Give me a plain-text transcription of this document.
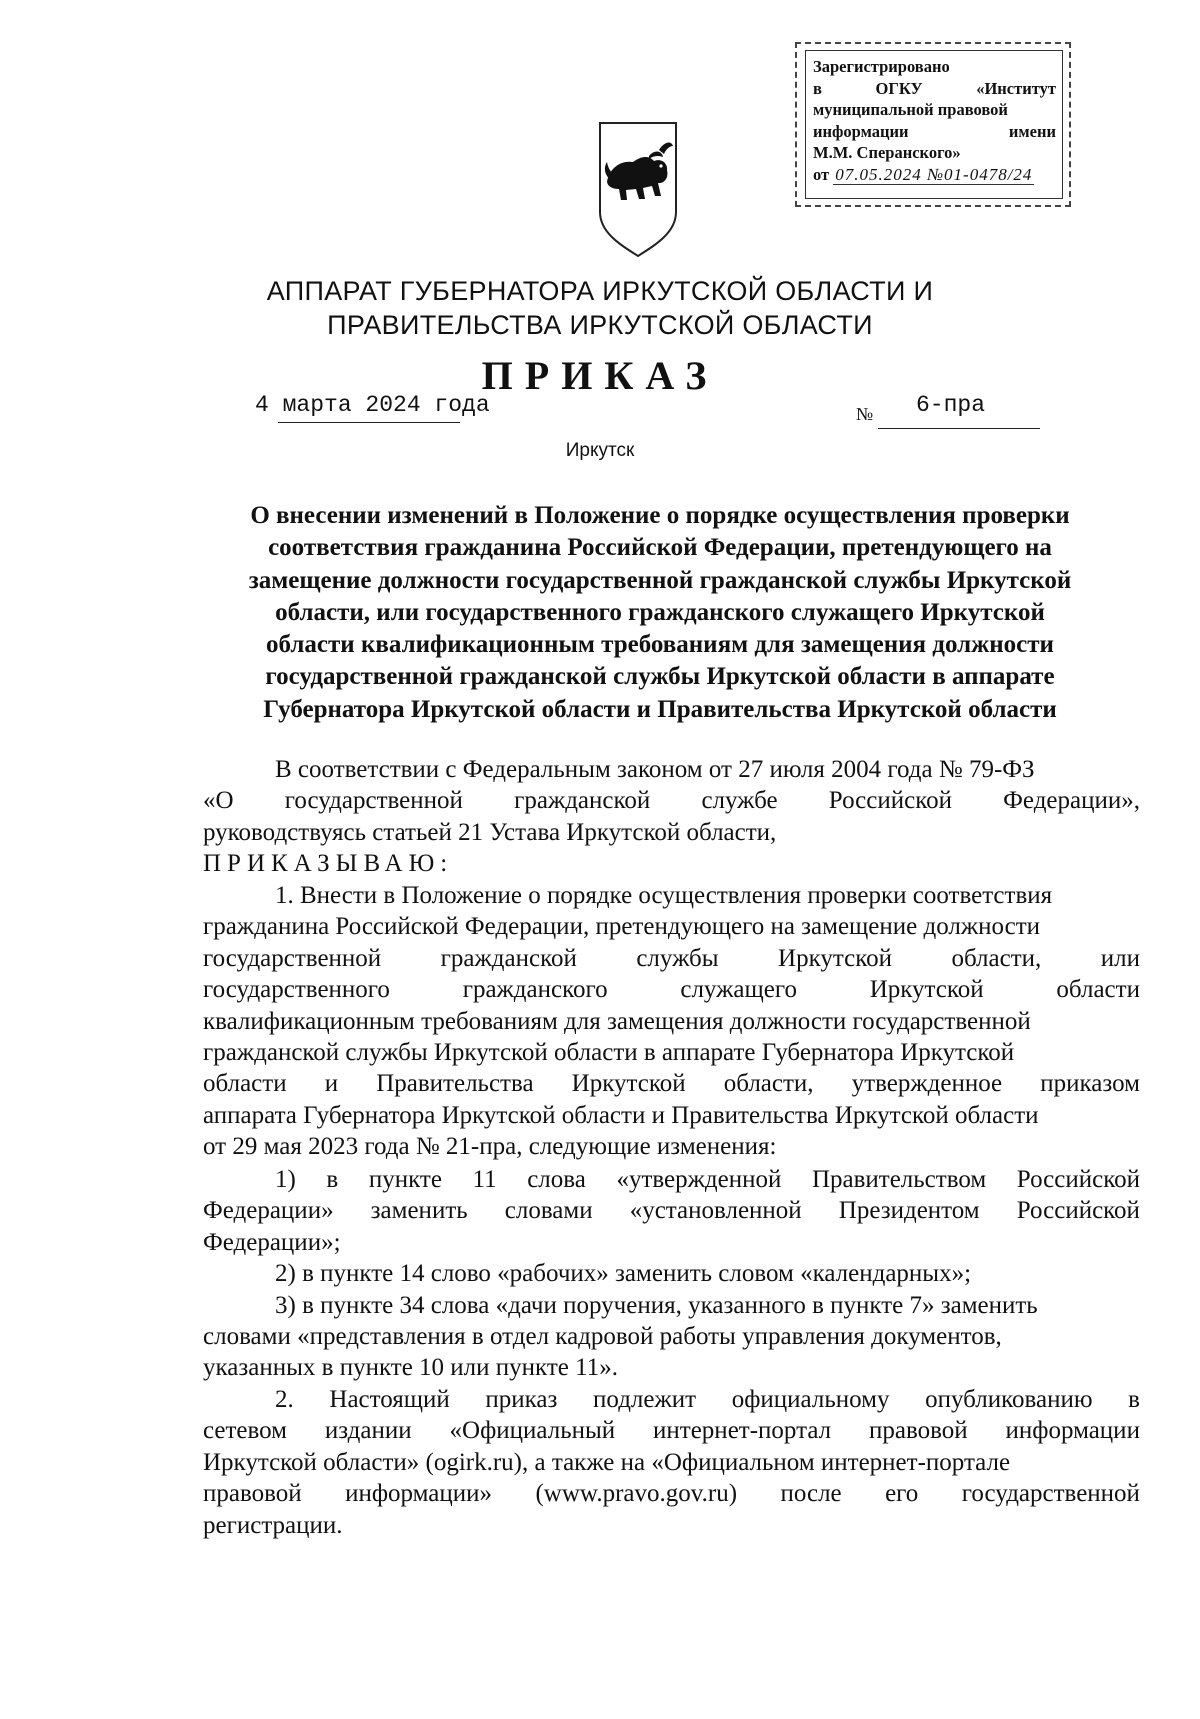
Зарегистрировано
в	ОГКУ	«Институт
муниципальной правовой
информации	имени
М.М. Сперанского»
от 07.05.2024 №01-0478/24
АППАРАТ ГУБЕРНАТОРА ИРКУТСКОЙ ОБЛАСТИ И
ПРАВИТЕЛЬСТВА ИРКУТСКОЙ ОБЛАСТИ
ПРИКАЗ
4 марта 2024 года	№ 6-пра
Иркутск
О внесении изменений в Положение о порядке осуществления проверки
соответствия гражданина Российской Федерации, претендующего на
замещение должности государственной гражданской службы Иркутской
области, или государственного гражданского служащего Иркутской
области квалификационным требованиям для замещения должности
государственной гражданской службы Иркутской области в аппарате
Губернатора Иркутской области и Правительства Иркутской области
В соответствии с Федеральным законом от 27 июля 2004 года № 79-ФЗ
«О государственной гражданской службе Российской Федерации»,
руководствуясь статьей 21 Устава Иркутской области,
ПРИКАЗЫВАЮ:
1. Внести в Положение о порядке осуществления проверки соответствия
гражданина Российской Федерации, претендующего на замещение должности
государственной гражданской службы Иркутской области, или
государственного	гражданского	служащего	Иркутской	области
квалификационным требованиям для замещения должности государственной
гражданской службы Иркутской области в аппарате Губернатора Иркутской
области и Правительства Иркутской области, утвержденное приказом
аппарата Губернатора Иркутской области и Правительства Иркутской области
от 29 мая 2023 года № 21-пра, следующие изменения:
1) в пункте 11 слова «утвержденной Правительством Российской
Федерации» заменить словами «установленной Президентом Российской
Федерации»;
2) в пункте 14 слово «рабочих» заменить словом «календарных»;
3) в пункте 34 слова «дачи поручения, указанного в пункте 7» заменить
словами «представления в отдел кадровой работы управления документов,
указанных в пункте 10 или пункте 11».
2. Настоящий приказ подлежит официальному опубликованию в
сетевом издании «Официальный интернет-портал правовой информации
Иркутской области» (ogirk.ru), а также на «Официальном интернет-портале
правовой информации» (www.pravo.gov.ru) после его государственной
регистрации.
